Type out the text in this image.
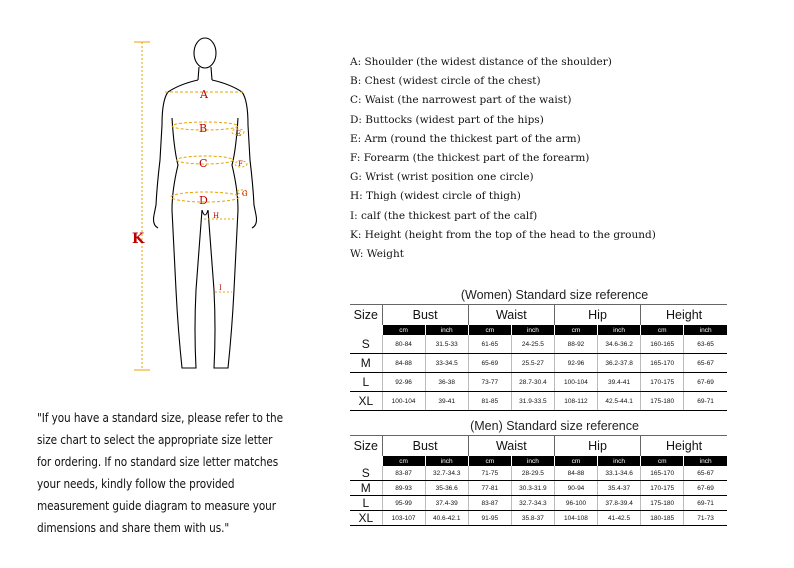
A
B
C
D
E
F
G
H
I
K
A: Shoulder (the widest distance of the shoulder)
B: Chest (widest circle of the chest)
C: Waist (the narrowest part of the waist)
D: Buttocks (widest part of the hips)
E: Arm (round the thickest part of the arm)
F: Forearm (the thickest part of the forearm)
G: Wrist (wrist position one circle)
H: Thigh (widest circle of thigh)
I: calf (the thickest part of the calf)
K: Height (height from the top of the head to the ground)
W: Weight
"If you have a standard size, please refer to the size chart to select the appropriate size letter for ordering. If no standard size letter matches your needs, kindly follow the provided measurement guide diagram to measure your dimensions and share them with us."
	(Women) Standard size reference							
Size	Bust		Waist		Hip		Height	
	cm	inch	cm	inch	cm	inch	cm	inch
S	80-84	31.5-33	61-65	24-25.5	88-92	34.6-36.2	160-165	63-65
M	84-88	33-34.5	65-69	25.5-27	92-96	36.2-37.8	165-170	65-67
L	92-96	36-38	73-77	28.7-30.4	100-104	39.4-41	170-175	67-69
XL	100-104	39-41	81-85	31.9-33.5	108-112	42.5-44.1	175-180	69-71
	(Men) Standard size reference							
Size	Bust		Waist		Hip		Height	
	cm	inch	cm	inch	cm	inch	cm	inch
S	83-87	32.7-34.3	71-75	28-29.5	84-88	33.1-34.6	165-170	65-67
M	89-93	35-36.6	77-81	30.3-31.9	90-94	35.4-37	170-175	67-69
L	95-99	37.4-39	83-87	32.7-34.3	96-100	37.8-39.4	175-180	69-71
XL	103-107	40.6-42.1	91-95	35.8-37	104-108	41-42.5	180-185	71-73
